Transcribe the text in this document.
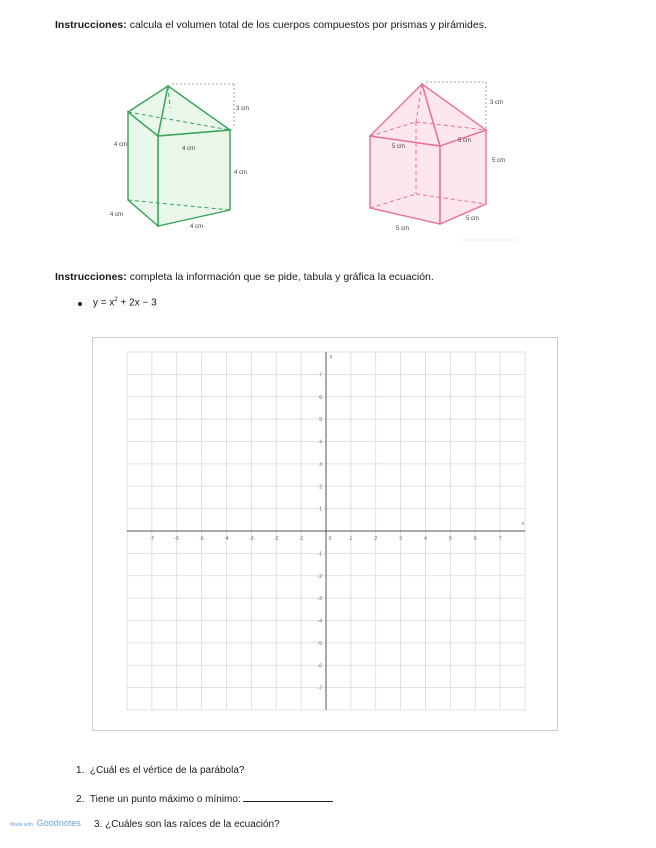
Instrucciones: calcula el volumen total de los cuerpos compuestos por prismas y pirámides.
3 cm
4 cm
4 cm
4 cm
4 cm
4 cm
3 cm
5 cm
5 cm
5 cm
5 cm
5 cm
Instrucciones: completa la información que se pide, tabula y gráfica la ecuación.
$y = x^2 + 2x - 3$
x
y
-7	-6	-5	-4	-3	-2	-1	0	1	2	3	4	5	6	7
7
6
5
4
3
2
1
-1
-2
-3
-4
-5
-6
-7
1. ¿Cuál es el vértice de la parábola?
2. Tiene un punto máximo o mínimo:
3. ¿Cuáles son las raíces de la ecuación?
Made with Goodnotes
